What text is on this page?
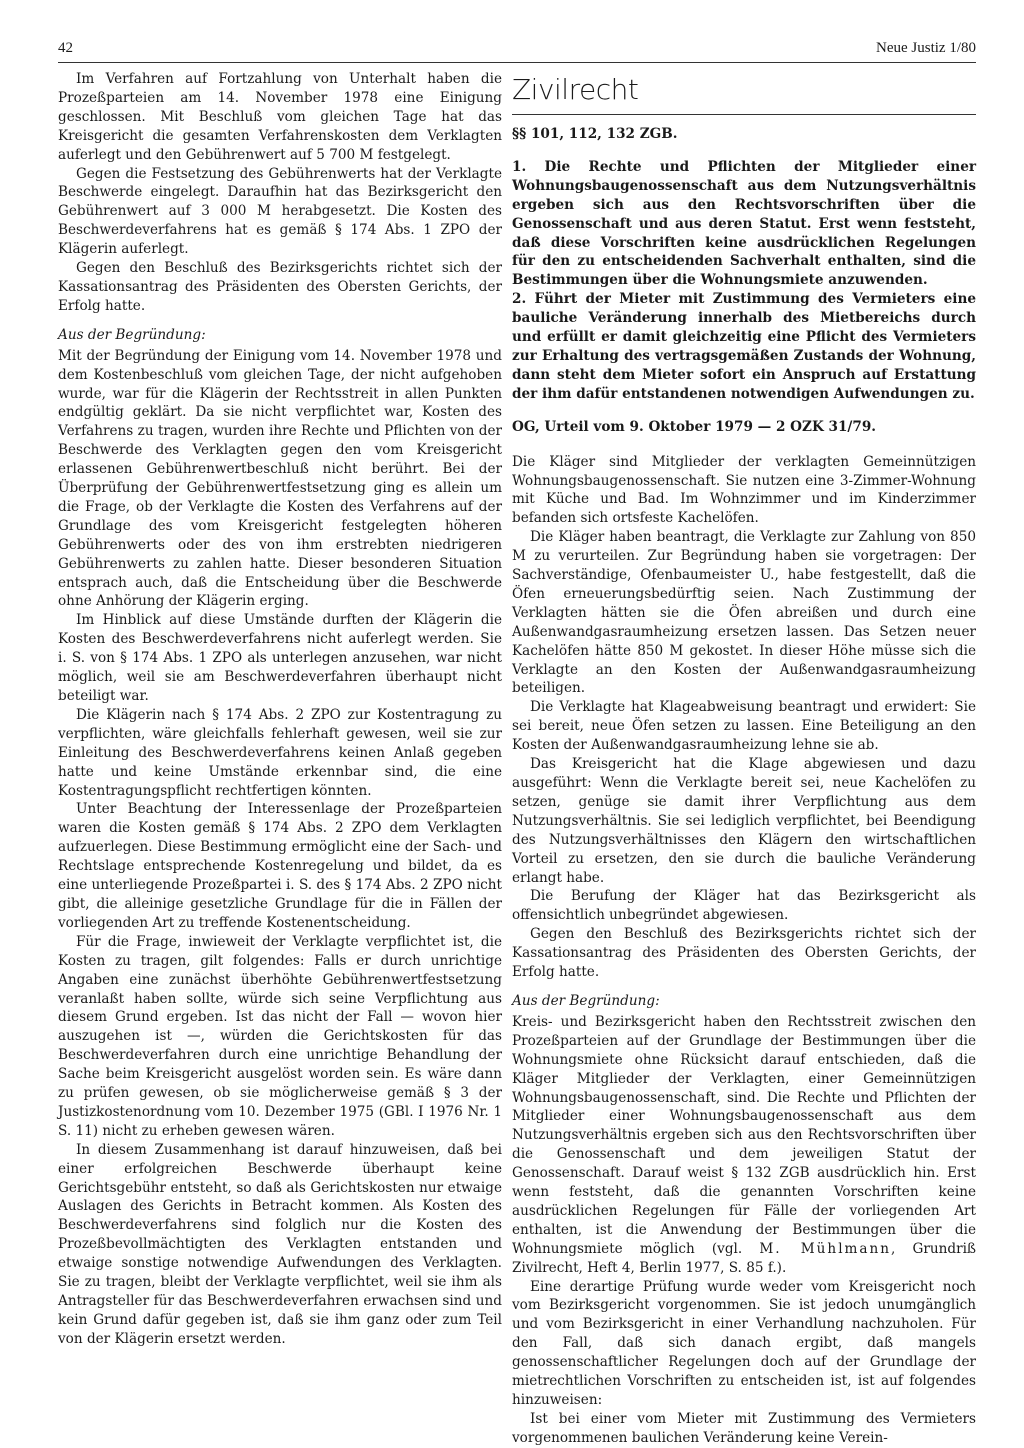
42	Neue Justiz 1/80

Im Verfahren auf Fortzahlung von Unterhalt haben die Prozeßparteien am 14. November 1978 eine Einigung geschlossen. Mit Beschluß vom gleichen Tage hat das Kreisgericht die gesamten Verfahrenskosten dem Verklagten auferlegt und den Gebührenwert auf 5 700 M festgelegt.

Gegen die Festsetzung des Gebührenwerts hat der Verklagte Beschwerde eingelegt. Daraufhin hat das Bezirksgericht den Gebührenwert auf 3 000 M herabgesetzt. Die Kosten des Beschwerdeverfahrens hat es gemäß § 174 Abs. 1 ZPO der Klägerin auferlegt.

Gegen den Beschluß des Bezirksgerichts richtet sich der Kassationsantrag des Präsidenten des Obersten Gerichts, der Erfolg hatte.

Aus der Begründung:

Mit der Begründung der Einigung vom 14. November 1978 und dem Kostenbeschluß vom gleichen Tage, der nicht aufgehoben wurde, war für die Klägerin der Rechtsstreit in allen Punkten endgültig geklärt. Da sie nicht verpflichtet war, Kosten des Verfahrens zu tragen, wurden ihre Rechte und Pflichten von der Beschwerde des Verklagten gegen den vom Kreisgericht erlassenen Gebührenwertbeschluß nicht berührt. Bei der Überprüfung der Gebührenwertfestsetzung ging es allein um die Frage, ob der Verklagte die Kosten des Verfahrens auf der Grundlage des vom Kreisgericht festgelegten höheren Gebührenwerts oder des von ihm erstrebten niedrigeren Gebührenwerts zu zahlen hatte. Dieser besonderen Situation entsprach auch, daß die Entscheidung über die Beschwerde ohne Anhörung der Klägerin erging.

Im Hinblick auf diese Umstände durften der Klägerin die Kosten des Beschwerdeverfahrens nicht auferlegt werden. Sie i. S. von § 174 Abs. 1 ZPO als unterlegen anzusehen, war nicht möglich, weil sie am Beschwerdeverfahren überhaupt nicht beteiligt war.

Die Klägerin nach § 174 Abs. 2 ZPO zur Kostentragung zu verpflichten, wäre gleichfalls fehlerhaft gewesen, weil sie zur Einleitung des Beschwerdeverfahrens keinen Anlaß gegeben hatte und keine Umstände erkennbar sind, die eine Kostentragungspflicht rechtfertigen könnten.

Unter Beachtung der Interessenlage der Prozeßparteien waren die Kosten gemäß § 174 Abs. 2 ZPO dem Verklagten aufzuerlegen. Diese Bestimmung ermöglicht eine der Sach- und Rechtslage entsprechende Kostenregelung und bildet, da es eine unterliegende Prozeßpartei i. S. des § 174 Abs. 2 ZPO nicht gibt, die alleinige gesetzliche Grundlage für die in Fällen der vorliegenden Art zu treffende Kostenentscheidung.

Für die Frage, inwieweit der Verklagte verpflichtet ist, die Kosten zu tragen, gilt folgendes: Falls er durch unrichtige Angaben eine zunächst überhöhte Gebührenwertfestsetzung veranlaßt haben sollte, würde sich seine Verpflichtung aus diesem Grund ergeben. Ist das nicht der Fall — wovon hier auszugehen ist —, würden die Gerichtskosten für das Beschwerdeverfahren durch eine unrichtige Behandlung der Sache beim Kreisgericht ausgelöst worden sein. Es wäre dann zu prüfen gewesen, ob sie möglicherweise gemäß § 3 der Justizkostenordnung vom 10. Dezember 1975 (GBl. I 1976 Nr. 1 S. 11) nicht zu erheben gewesen wären.

In diesem Zusammenhang ist darauf hinzuweisen, daß bei einer erfolgreichen Beschwerde überhaupt keine Gerichtsgebühr entsteht, so daß als Gerichtskosten nur etwaige Auslagen des Gerichts in Betracht kommen. Als Kosten des Beschwerdeverfahrens sind folglich nur die Kosten des Prozeßbevollmächtigten des Verklagten entstanden und etwaige sonstige notwendige Aufwendungen des Verklagten. Sie zu tragen, bleibt der Verklagte verpflichtet, weil sie ihm als Antragsteller für das Beschwerdeverfahren erwachsen sind und kein Grund dafür gegeben ist, daß sie ihm ganz oder zum Teil von der Klägerin ersetzt werden.

Zivilrecht

§§ 101, 112, 132 ZGB.

1. Die Rechte und Pflichten der Mitglieder einer Wohnungsbaugenossenschaft aus dem Nutzungsverhältnis ergeben sich aus den Rechtsvorschriften über die Genossenschaft und aus deren Statut. Erst wenn feststeht, daß diese Vorschriften keine ausdrücklichen Regelungen für den zu entscheidenden Sachverhalt enthalten, sind die Bestimmungen über die Wohnungsmiete anzuwenden.

2. Führt der Mieter mit Zustimmung des Vermieters eine bauliche Veränderung innerhalb des Mietbereichs durch und erfüllt er damit gleichzeitig eine Pflicht des Vermieters zur Erhaltung des vertragsgemäßen Zustands der Wohnung, dann steht dem Mieter sofort ein Anspruch auf Erstattung der ihm dafür entstandenen notwendigen Aufwendungen zu.

OG, Urteil vom 9. Oktober 1979 — 2 OZK 31/79.

Die Kläger sind Mitglieder der verklagten Gemeinnützigen Wohnungsbaugenossenschaft. Sie nutzen eine 3-Zimmer-Wohnung mit Küche und Bad. Im Wohnzimmer und im Kinderzimmer befanden sich ortsfeste Kachelöfen.

Die Kläger haben beantragt, die Verklagte zur Zahlung von 850 M zu verurteilen. Zur Begründung haben sie vorgetragen: Der Sachverständige, Ofenbaumeister U., habe festgestellt, daß die Öfen erneuerungsbedürftig seien. Nach Zustimmung der Verklagten hätten sie die Öfen abreißen und durch eine Außenwandgasraumheizung ersetzen lassen. Das Setzen neuer Kachelöfen hätte 850 M gekostet. In dieser Höhe müsse sich die Verklagte an den Kosten der Außenwandgasraumheizung beteiligen.

Die Verklagte hat Klageabweisung beantragt und erwidert: Sie sei bereit, neue Öfen setzen zu lassen. Eine Beteiligung an den Kosten der Außenwandgasraumheizung lehne sie ab.

Das Kreisgericht hat die Klage abgewiesen und dazu ausgeführt: Wenn die Verklagte bereit sei, neue Kachelöfen zu setzen, genüge sie damit ihrer Verpflichtung aus dem Nutzungsverhältnis. Sie sei lediglich verpflichtet, bei Beendigung des Nutzungsverhältnisses den Klägern den wirtschaftlichen Vorteil zu ersetzen, den sie durch die bauliche Veränderung erlangt habe.

Die Berufung der Kläger hat das Bezirksgericht als offensichtlich unbegründet abgewiesen.

Gegen den Beschluß des Bezirksgerichts richtet sich der Kassationsantrag des Präsidenten des Obersten Gerichts, der Erfolg hatte.

Aus der Begründung:

Kreis- und Bezirksgericht haben den Rechtsstreit zwischen den Prozeßparteien auf der Grundlage der Bestimmungen über die Wohnungsmiete ohne Rücksicht darauf entschieden, daß die Kläger Mitglieder der Verklagten, einer Gemeinnützigen Wohnungsbaugenossenschaft, sind. Die Rechte und Pflichten der Mitglieder einer Wohnungsbaugenossenschaft aus dem Nutzungsverhältnis ergeben sich aus den Rechtsvorschriften über die Genossenschaft und dem jeweiligen Statut der Genossenschaft. Darauf weist § 132 ZGB ausdrücklich hin. Erst wenn feststeht, daß die genannten Vorschriften keine ausdrücklichen Regelungen für Fälle der vorliegenden Art enthalten, ist die Anwendung der Bestimmungen über die Wohnungsmiete möglich (vgl. M. Mühlmann, Grundriß Zivilrecht, Heft 4, Berlin 1977, S. 85 f.).

Eine derartige Prüfung wurde weder vom Kreisgericht noch vom Bezirksgericht vorgenommen. Sie ist jedoch unumgänglich und vom Bezirksgericht in einer Verhandlung nachzuholen. Für den Fall, daß sich danach ergibt, daß mangels genossenschaftlicher Regelungen doch auf der Grundlage der mietrechtlichen Vorschriften zu entscheiden ist, ist auf folgendes hinzuweisen:

Ist bei einer vom Mieter mit Zustimmung des Vermieters vorgenommenen baulichen Veränderung keine Verein-
